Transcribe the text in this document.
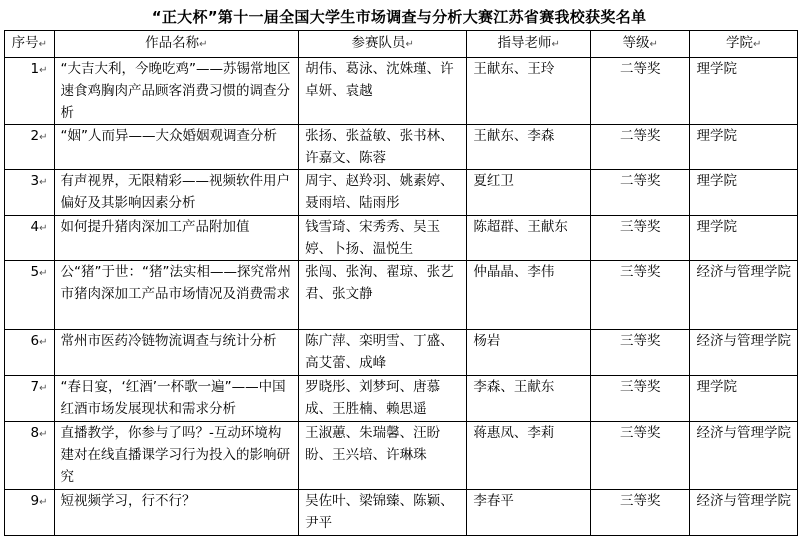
“正大杯”第十一届全国大学生市场调查与分析大赛江苏省赛我校获奖名单
序号↵	作品名称↵	参赛队员↵	指导老师↵	等级↵	学院↵
1↵	“大吉大利，今晚吃鸡”——苏锡常地区速食鸡胸肉产品顾客消费习惯的调查分析	胡伟、葛泳、沈姝瑾、许卓妍、袁越	王献东、王玲	二等奖	理学院
2↵	“姻”人而异——大众婚姻观调查分析	张扬、张益敏、张书林、许嘉文、陈蓉	王献东、李森	二等奖	理学院
3↵	有声视界，无限精彩——视频软件用户偏好及其影响因素分析	周宇、赵羚羽、姚素婷、聂雨培、陆雨彤	夏红卫	二等奖	理学院
4↵	如何提升猪肉深加工产品附加值	钱雪琦、宋秀秀、吴玉婷、卜扬、温悦生	陈超群、王献东	三等奖	理学院
5↵	公“猪”于世：“猪”法实相——探究常州市猪肉深加工产品市场情况及消费需求	张闯、张洵、翟琼、张艺君、张文静	仲晶晶、李伟	三等奖	经济与管理学院
6↵	常州市医药冷链物流调查与统计分析	陈广萍、栾明雪、丁盛、高艾蕾、成峰	杨岩	三等奖	经济与管理学院
7↵	“春日宴，‘红酒’一杯歌一遍”——中国红酒市场发展现状和需求分析	罗晓彤、刘梦珂、唐慕成、王胜楠、赖思遥	李森、王献东	三等奖	理学院
8↵	直播教学，你参与了吗？-互动环境构建对在线直播课学习行为投入的影响研究	王淑蕙、朱瑞馨、汪盼盼、王兴培、许琳珠	蒋惠凤、李莉	三等奖	经济与管理学院
9↵	短视频学习，行不行？	吴佐叶、梁锦臻、陈颖、尹平	李春平	三等奖	经济与管理学院
